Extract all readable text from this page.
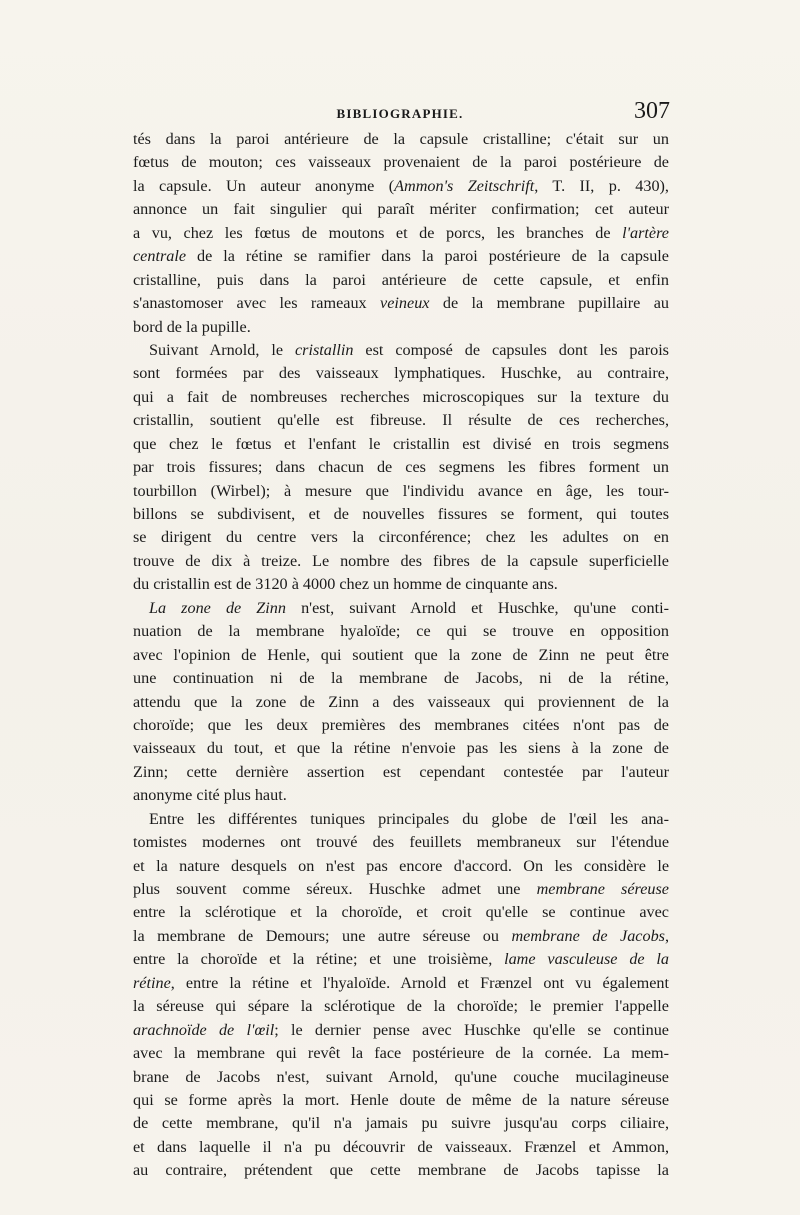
BIBLIOGRAPHIE.	307
tés dans la paroi antérieure de la capsule cristalline; c'était sur un
fœtus de mouton; ces vaisseaux provenaient de la paroi postérieure de
la capsule. Un auteur anonyme (Ammon's Zeitschrift, T. II, p. 430),
annonce un fait singulier qui paraît mériter confirmation; cet auteur
a vu, chez les fœtus de moutons et de porcs, les branches de l'artère
centrale de la rétine se ramifier dans la paroi postérieure de la capsule
cristalline, puis dans la paroi antérieure de cette capsule, et enfin
s'anastomoser avec les rameaux veineux de la membrane pupillaire au
bord de la pupille.
Suivant Arnold, le cristallin est composé de capsules dont les parois
sont formées par des vaisseaux lymphatiques. Huschke, au contraire,
qui a fait de nombreuses recherches microscopiques sur la texture du
cristallin, soutient qu'elle est fibreuse. Il résulte de ces recherches,
que chez le fœtus et l'enfant le cristallin est divisé en trois segmens
par trois fissures; dans chacun de ces segmens les fibres forment un
tourbillon (Wirbel); à mesure que l'individu avance en âge, les tour-
billons se subdivisent, et de nouvelles fissures se forment, qui toutes
se dirigent du centre vers la circonférence; chez les adultes on en
trouve de dix à treize. Le nombre des fibres de la capsule superficielle
du cristallin est de 3120 à 4000 chez un homme de cinquante ans.
La zone de Zinn n'est, suivant Arnold et Huschke, qu'une conti-
nuation de la membrane hyaloïde; ce qui se trouve en opposition
avec l'opinion de Henle, qui soutient que la zone de Zinn ne peut être
une continuation ni de la membrane de Jacobs, ni de la rétine,
attendu que la zone de Zinn a des vaisseaux qui proviennent de la
choroïde; que les deux premières des membranes citées n'ont pas de
vaisseaux du tout, et que la rétine n'envoie pas les siens à la zone de
Zinn; cette dernière assertion est cependant contestée par l'auteur
anonyme cité plus haut.
Entre les différentes tuniques principales du globe de l'œil les ana-
tomistes modernes ont trouvé des feuillets membraneux sur l'étendue
et la nature desquels on n'est pas encore d'accord. On les considère le
plus souvent comme séreux. Huschke admet une membrane séreuse
entre la sclérotique et la choroïde, et croit qu'elle se continue avec
la membrane de Demours; une autre séreuse ou membrane de Jacobs,
entre la choroïde et la rétine; et une troisième, lame vasculeuse de la
rétine, entre la rétine et l'hyaloïde. Arnold et Frænzel ont vu également
la séreuse qui sépare la sclérotique de la choroïde; le premier l'appelle
arachnoïde de l'œil; le dernier pense avec Huschke qu'elle se continue
avec la membrane qui revêt la face postérieure de la cornée. La mem-
brane de Jacobs n'est, suivant Arnold, qu'une couche mucilagineuse
qui se forme après la mort. Henle doute de même de la nature séreuse
de cette membrane, qu'il n'a jamais pu suivre jusqu'au corps ciliaire,
et dans laquelle il n'a pu découvrir de vaisseaux. Frænzel et Ammon,
au contraire, prétendent que cette membrane de Jacobs tapisse la
